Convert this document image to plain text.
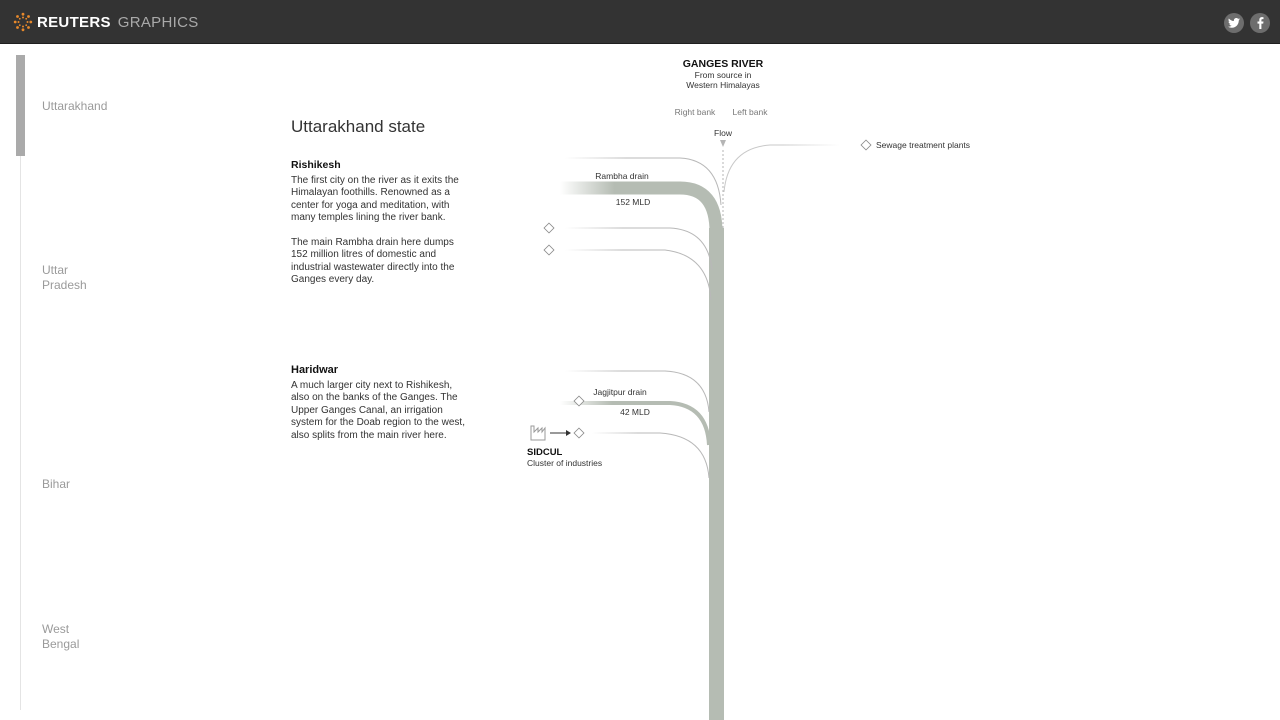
REUTERS GRAPHICS
Uttarakhand
Uttar
Pradesh
Bihar
West
Bengal
Uttarakhand state
Rishikesh
The first city on the river as it exits the Himalayan foothills. Renowned as a center for yoga and meditation, with many temples lining the river bank.
The main Rambha drain here dumps 152 million litres of domestic and industrial wastewater directly into the Ganges every day.
Haridwar
A much larger city next to Rishikesh, also on the banks of the Ganges. The Upper Ganges Canal, an irrigation system for the Doab region to the west, also splits from the main river here.
GANGES RIVER
From source in
Western Himalayas
Right bank Left bank
Flow
Sewage treatment plants
Rambha drain
152 MLD
Jagjitpur drain
42 MLD
SIDCUL
Cluster of industries
